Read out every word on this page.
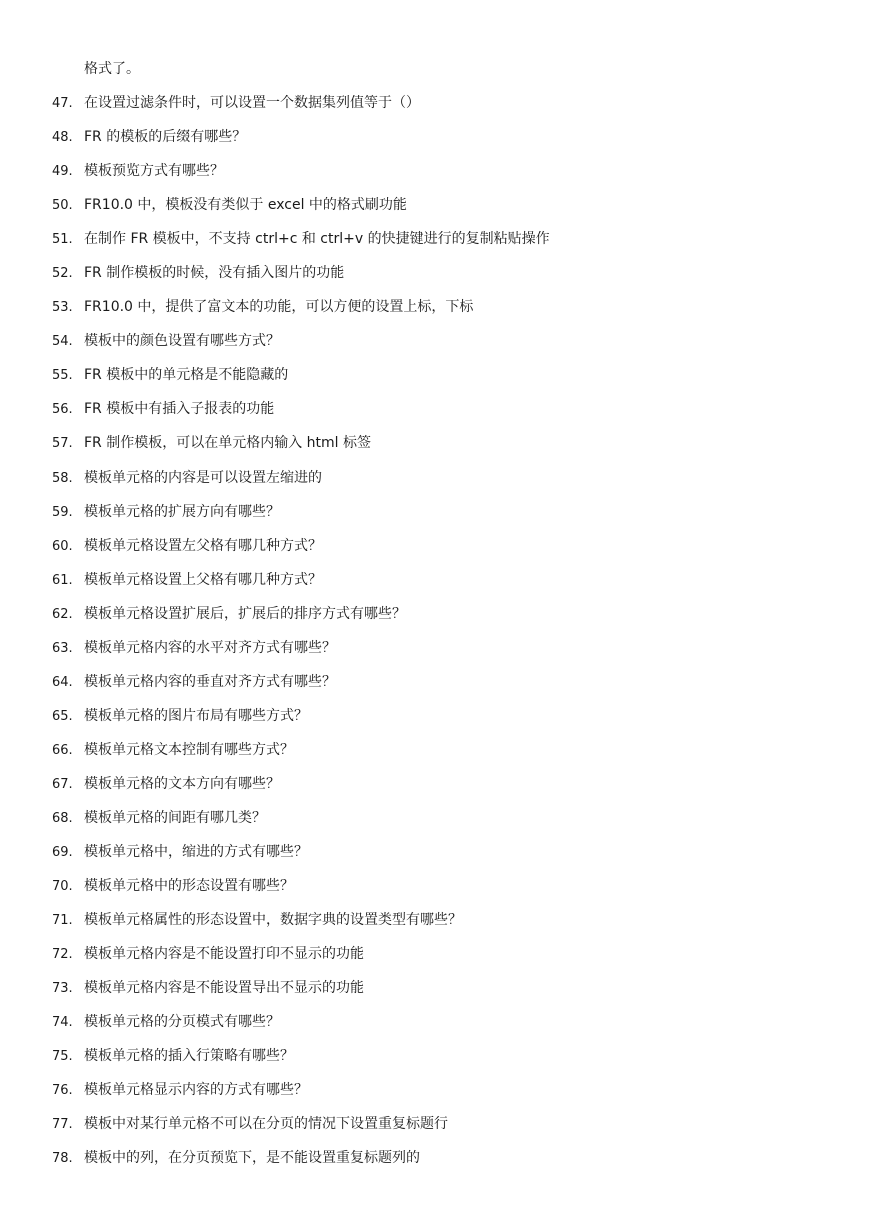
格式了。
47. 在设置过滤条件时，可以设置一个数据集列值等于（）
48. FR 的模板的后缀有哪些？
49. 模板预览方式有哪些？
50. FR10.0 中，模板没有类似于 excel 中的格式刷功能
51. 在制作 FR 模板中，不支持 ctrl+c 和 ctrl+v 的快捷键进行的复制粘贴操作
52. FR 制作模板的时候，没有插入图片的功能
53. FR10.0 中，提供了富文本的功能，可以方便的设置上标，下标
54. 模板中的颜色设置有哪些方式？
55. FR 模板中的单元格是不能隐藏的
56. FR 模板中有插入子报表的功能
57. FR 制作模板，可以在单元格内输入 html 标签
58. 模板单元格的内容是可以设置左缩进的
59. 模板单元格的扩展方向有哪些？
60. 模板单元格设置左父格有哪几种方式？
61. 模板单元格设置上父格有哪几种方式？
62. 模板单元格设置扩展后，扩展后的排序方式有哪些？
63. 模板单元格内容的水平对齐方式有哪些？
64. 模板单元格内容的垂直对齐方式有哪些？
65. 模板单元格的图片布局有哪些方式？
66. 模板单元格文本控制有哪些方式？
67. 模板单元格的文本方向有哪些？
68. 模板单元格的间距有哪几类？
69. 模板单元格中，缩进的方式有哪些？
70. 模板单元格中的形态设置有哪些？
71. 模板单元格属性的形态设置中，数据字典的设置类型有哪些？
72. 模板单元格内容是不能设置打印不显示的功能
73. 模板单元格内容是不能设置导出不显示的功能
74. 模板单元格的分页模式有哪些？
75. 模板单元格的插入行策略有哪些？
76. 模板单元格显示内容的方式有哪些？
77. 模板中对某行单元格不可以在分页的情况下设置重复标题行
78. 模板中的列，在分页预览下，是不能设置重复标题列的
